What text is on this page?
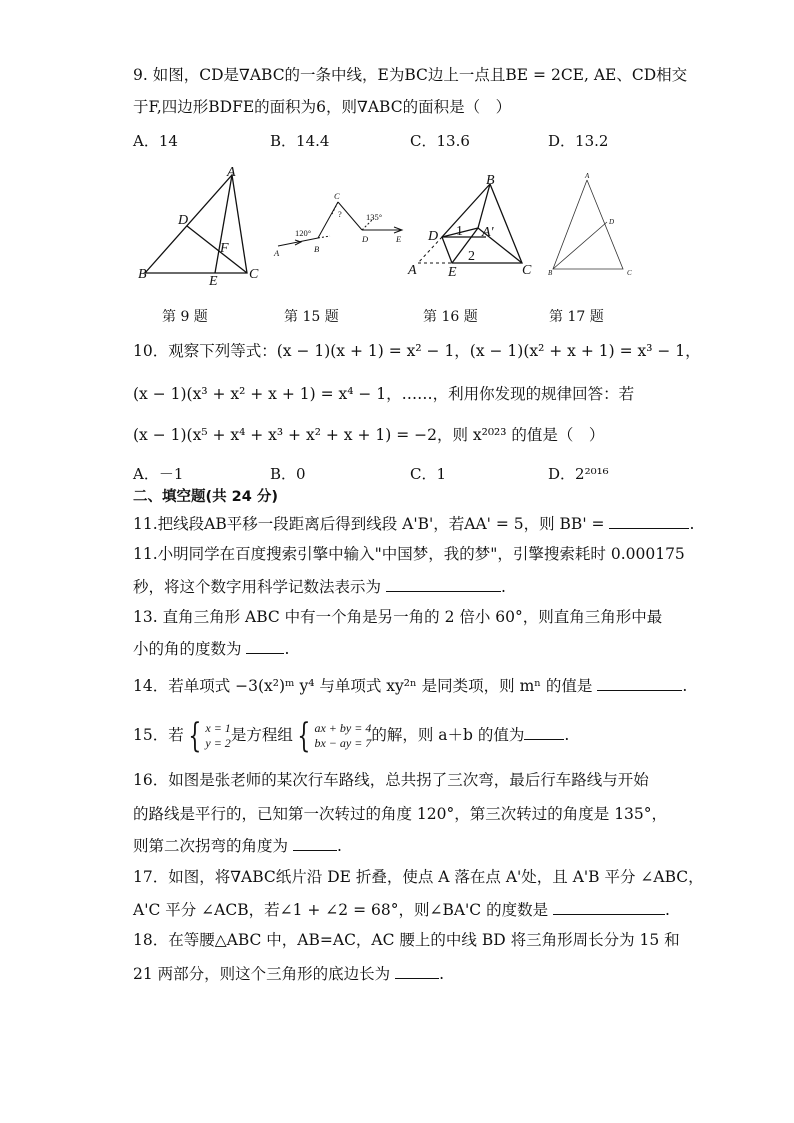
9. 如图，CD是∇ABC的一条中线，E为BC边上一点且BE = 2CE, AE、CD相交
于F,四边形BDFE的面积为6，则∇ABC的面积是（　）
A．14	B．14.4	C．13.6	D．13.2
A
D
F
B	E C
120°
C
?	135°
A	B
D	E
B
D 1 A'
2
A E	C
A
D
B	C
第 9 题	第 15 题	第 16 题	第 17 题
10．观察下列等式：(x − 1)(x + 1) = x² − 1，(x − 1)(x² + x + 1) = x³ − 1，
(x − 1)(x³ + x² + x + 1) = x⁴ − 1，……，利用你发现的规律回答：若
(x − 1)(x⁵ + x⁴ + x³ + x² + x + 1) = −2，则 x²⁰²³ 的值是（　）
A．－1	B．0	C．1	D．2²⁰¹⁶
二、填空题(共 24 分)
11.把线段AB平移一段距离后得到线段 A'B'，若AA' = 5，则 BB' =	.
11.小明同学在百度搜索引擎中输入"中国梦，我的梦"，引擎搜索耗时 0.000175
秒，将这个数字用科学记数法表示为	.
13. 直角三角形 ABC 中有一个角是另一角的 2 倍小 60°，则直角三角形中最
小的角的度数为	.
14．若单项式 −3(x²)ᵐ y⁴ 与单项式 xy²ⁿ 是同类项，则 mⁿ 的值是	.
15．若 { x = 1
y = 2是方程组 { ax + by = 4
bx − ay = 7的解，则 a＋b 的值为	.
16．如图是张老师的某次行车路线，总共拐了三次弯，最后行车路线与开始
的路线是平行的，已知第一次转过的角度 120°，第三次转过的角度是 135°，
则第二次拐弯的角度为	.
17．如图，将∇ABC纸片沿 DE 折叠，使点 A 落在点 A'处，且 A'B 平分 ∠ABC，
A'C 平分 ∠ACB，若∠1 + ∠2 = 68°，则∠BA'C 的度数是	.
18．在等腰△ABC 中，AB=AC，AC 腰上的中线 BD 将三角形周长分为 15 和
21 两部分，则这个三角形的底边长为	.
